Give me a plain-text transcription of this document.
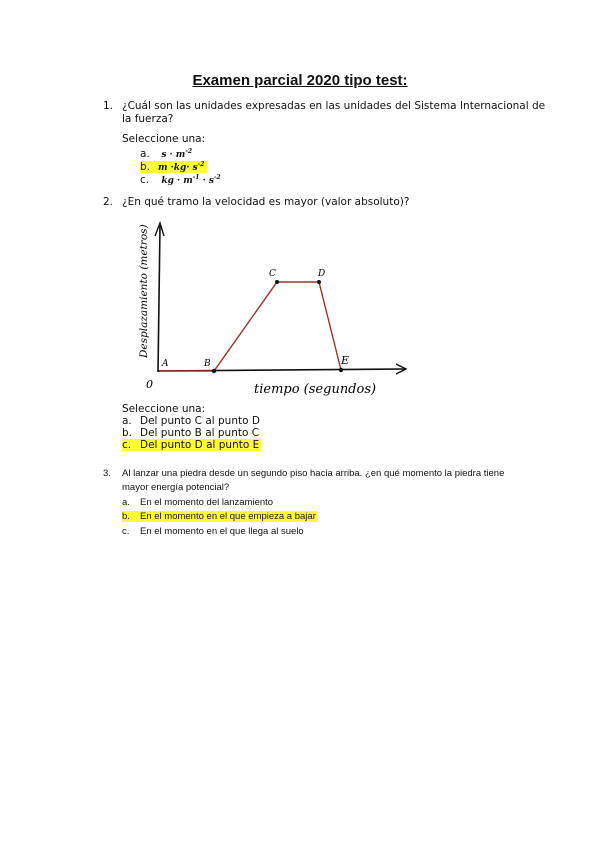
Examen parcial 2020 tipo test:
1. ¿Cuál son las unidades expresadas en las unidades del Sistema Internacional de
la fuerza?
Seleccione una:
a. $s \cdot m^{-2}$
b. $m \cdot kg\cdot s^{-2}$
c. kg · $m^{-1} \cdot s^{-2}$
2. ¿En qué tramo la velocidad es mayor (valor absoluto)?
A	B
C	D
E
0	tiempo (segundos)
Desplazamiento (metros)
Seleccione una:
a. Del punto C al punto D
b. Del punto B al punto C
c. Del punto D al punto E
3. Al lanzar una piedra desde un segundo piso hacia arriba. ¿en qué momento la piedra tiene
mayor energía potencial?
a. En el momento del lanzamiento
b. En el momento en el que empieza a bajar
c. En el momento en el que llega al suelo
